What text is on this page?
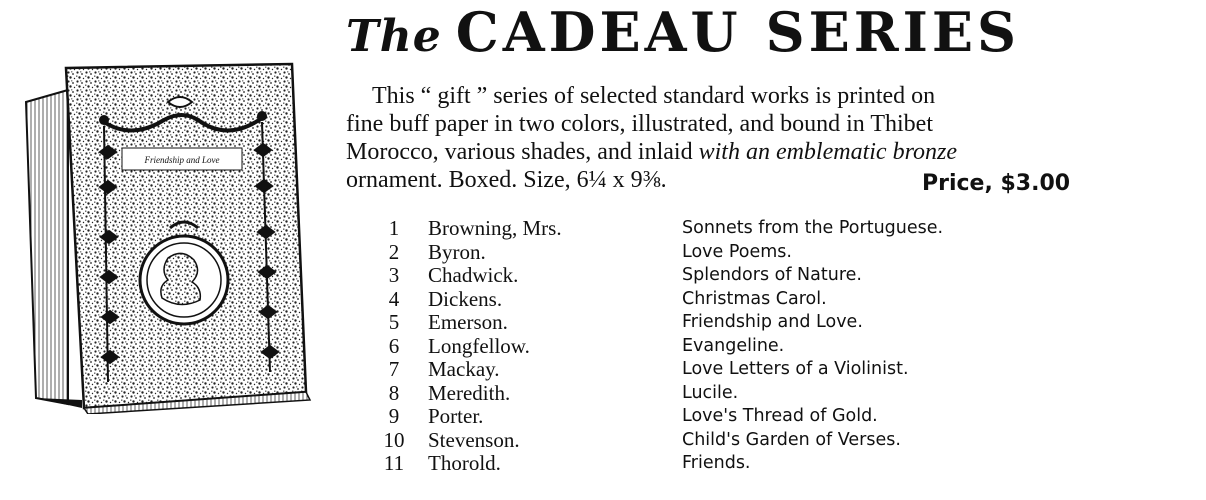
Friendship and Love
The CADEAU SERIES
This “ gift ” series of selected standard works is printed on
fine buff paper in two colors, illustrated, and bound in Thibet
Morocco, various shades, and inlaid with an emblematic bronze
ornament. Boxed. Size, 6¼ x 9⅜.	Price, $3.00
1	Browning, Mrs.	Sonnets from the Portuguese.
2	Byron.	Love Poems.
3	Chadwick.	Splendors of Nature.
4	Dickens.	Christmas Carol.
5	Emerson.	Friendship and Love.
6	Longfellow.	Evangeline.
7	Mackay.	Love Letters of a Violinist.
8	Meredith.	Lucile.
9	Porter.	Love's Thread of Gold.
10	Stevenson.	Child's Garden of Verses.
11	Thorold.	Friends.
